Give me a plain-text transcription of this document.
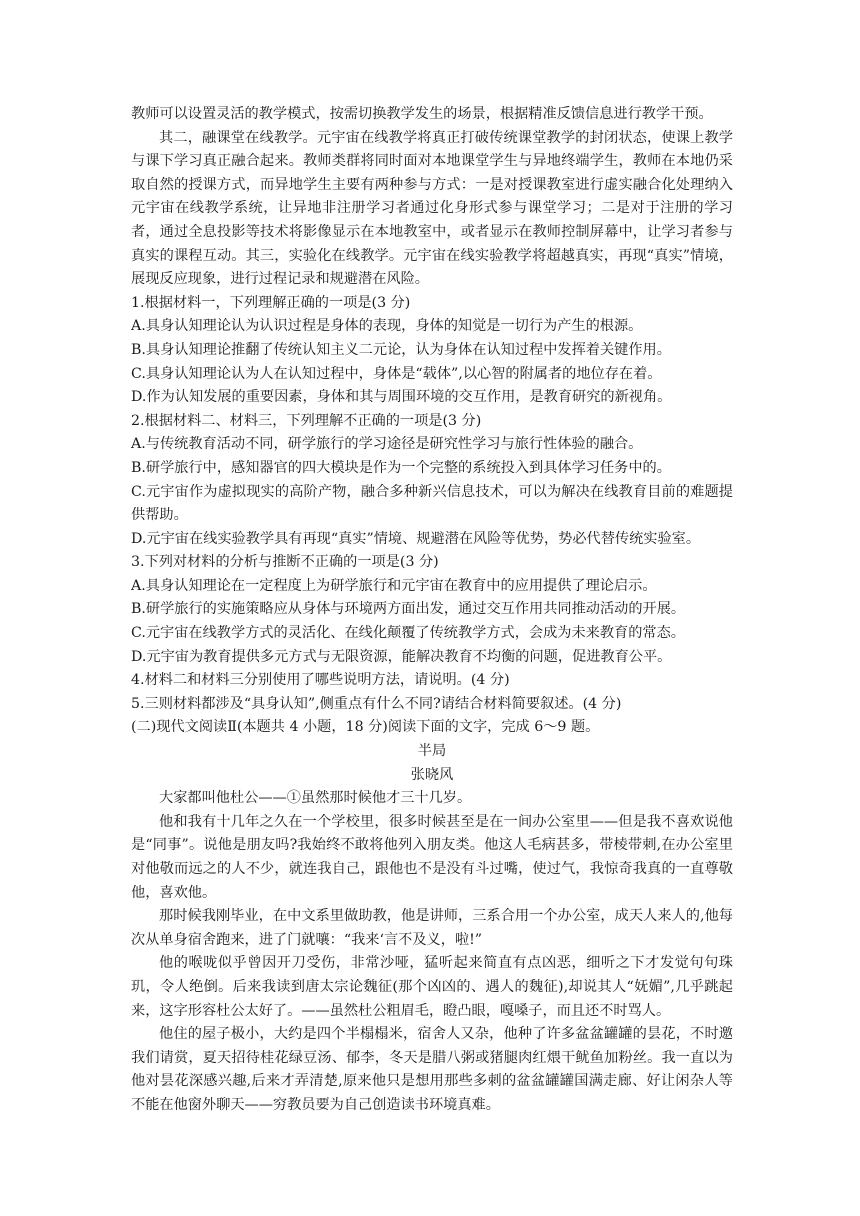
教师可以设置灵活的教学模式，按需切换教学发生的场景，根据精准反馈信息进行教学干预。

其二，融课堂在线教学。元宇宙在线教学将真正打破传统课堂教学的封闭状态，使课上教学与课下学习真正融合起来。教师类群将同时面对本地课堂学生与异地终端学生，教师在本地仍采取自然的授课方式，而异地学生主要有两种参与方式：一是对授课教室进行虚实融合化处理纳入元宇宙在线教学系统，让异地非注册学习者通过化身形式参与课堂学习；二是对于注册的学习者，通过全息投影等技术将影像显示在本地教室中，或者显示在教师控制屏幕中，让学习者参与真实的课程互动。其三，实验化在线教学。元宇宙在线实验教学将超越真实，再现“真实”情境，展现反应现象，进行过程记录和规避潜在风险。

1.根据材料一，下列理解正确的一项是(3 分)

A.具身认知理论认为认识过程是身体的表现，身体的知觉是一切行为产生的根源。

B.具身认知理论推翻了传统认知主义二元论，认为身体在认知过程中发挥着关键作用。

C.具身认知理论认为人在认知过程中，身体是“载体”,以心智的附属者的地位存在着。

D.作为认知发展的重要因素，身体和其与周围环境的交互作用，是教育研究的新视角。

2.根据材料二、材料三，下列理解不正确的一项是(3 分)

A.与传统教育活动不同，研学旅行的学习途径是研究性学习与旅行性体验的融合。

B.研学旅行中，感知器官的四大模块是作为一个完整的系统投入到具体学习任务中的。

C.元宇宙作为虚拟现实的高阶产物，融合多种新兴信息技术，可以为解决在线教育目前的难题提供帮助。

D.元宇宙在线实验教学具有再现“真实”情境、规避潜在风险等优势，势必代替传统实验室。

3.下列对材料的分析与推断不正确的一项是(3 分)

A.具身认知理论在一定程度上为研学旅行和元宇宙在教育中的应用提供了理论启示。

B.研学旅行的实施策略应从身体与环境两方面出发，通过交互作用共同推动活动的开展。

C.元宇宙在线教学方式的灵活化、在线化颠覆了传统教学方式，会成为未来教育的常态。

D.元宇宙为教育提供多元方式与无限资源，能解决教育不均衡的问题，促进教育公平。

4.材料二和材料三分别使用了哪些说明方法，请说明。(4 分)

5.三则材料都涉及“具身认知”,侧重点有什么不同?请结合材料简要叙述。(4 分)

(二)现代文阅读Ⅱ(本题共 4 小题，18 分)阅读下面的文字，完成 6～9 题。

半局

张晓风

大家都叫他杜公——①虽然那时候他才三十几岁。

他和我有十几年之久在一个学校里，很多时候甚至是在一间办公室里——但是我不喜欢说他是“同事”。说他是朋友吗?我始终不敢将他列入朋友类。他这人毛病甚多，带棱带刺,在办公室里对他敬而远之的人不少，就连我自己，跟他也不是没有斗过嘴，使过气，我惊奇我真的一直尊敬他，喜欢他。

那时候我刚毕业，在中文系里做助教，他是讲师，三系合用一个办公室，成天人来人的,他每次从单身宿舍跑来，进了门就嚷：“我来‘言不及义，啦!”

他的喉咙似乎曾因开刀受伤，非常沙哑，猛听起来简直有点凶恶，细听之下才发觉句句珠玑，令人绝倒。后来我读到唐太宗论魏征(那个凶凶的、遇人的魏征),却说其人“妩媚”,几乎跳起来，这字形容杜公太好了。——虽然杜公粗眉毛，瞪凸眼，嘎嗓子，而且还不时骂人。

他住的屋子极小，大约是四个半榻榻米，宿舍人又杂，他种了许多盆盆罐罐的昙花，不时邀我们请赏，夏天招待桂花绿豆汤、郁李，冬天是腊八粥或猪腿肉红煨干鱿鱼加粉丝。我一直以为他对昙花深感兴趣,后来才弄清楚,原来他只是想用那些多刺的盆盆罐罐国满走廊、好让闲杂人等不能在他窗外聊天——穷教员要为自己创造读书环境真难。
